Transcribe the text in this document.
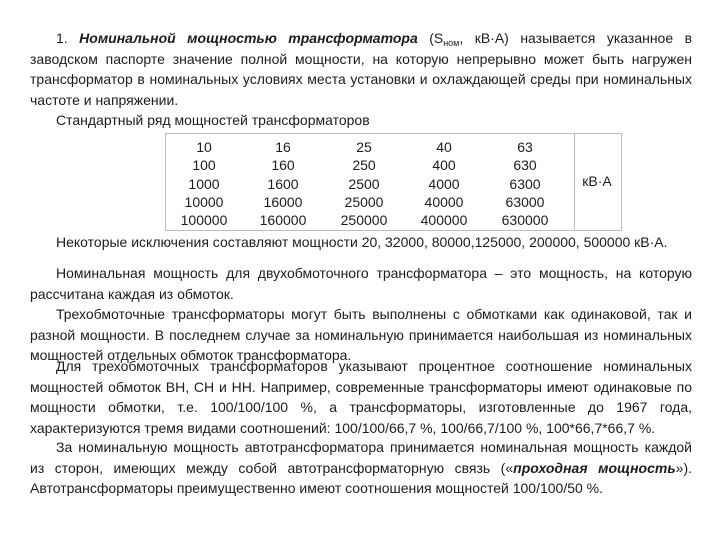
1. Номинальной мощностью трансформатора ($S_{ном}$, кВ·А) называется указанное в заводском паспорте значение полной мощности, на которую непрерывно может быть нагружен трансформатор в номинальных условиях места установки и охлаждающей среды при номинальных частоте и напряжении.

Стандартный ряд мощностей трансформаторов

10	16	25	40	63
100	160	250	400	630
1000	1600	2500	4000	6300
10000	16000	25000	40000	63000
100000	160000	250000	400000	630000
кВ·А

Некоторые исключения составляют мощности 20, 32000, 80000,125000, 200000, 500000 кВ·А.

Номинальная мощность для двухобмоточного трансформатора – это мощность, на которую рассчитана каждая из обмоток.

Трехобмоточные трансформаторы могут быть выполнены с обмотками как одинаковой, так и разной мощности. В последнем случае за номинальную принимается наибольшая из номинальных мощностей отдельных обмоток трансформатора.

Для трехобмоточных трансформаторов указывают процентное соотношение номинальных мощностей обмоток ВН, СН и НН. Например, современные трансформаторы имеют одинаковые по мощности обмотки, т.е. 100/100/100 %, а трансформаторы, изготовленные до 1967 года, характеризуются тремя видами соотношений: 100/100/66,7 %, 100/66,7/100 %, 100*66,7*66,7 %.

За номинальную мощность автотрансформатора принимается номинальная мощность каждой из сторон, имеющих между собой автотрансформаторную связь («проходная мощность»). Автотрансформаторы преимущественно имеют соотношения мощностей 100/100/50 %.
